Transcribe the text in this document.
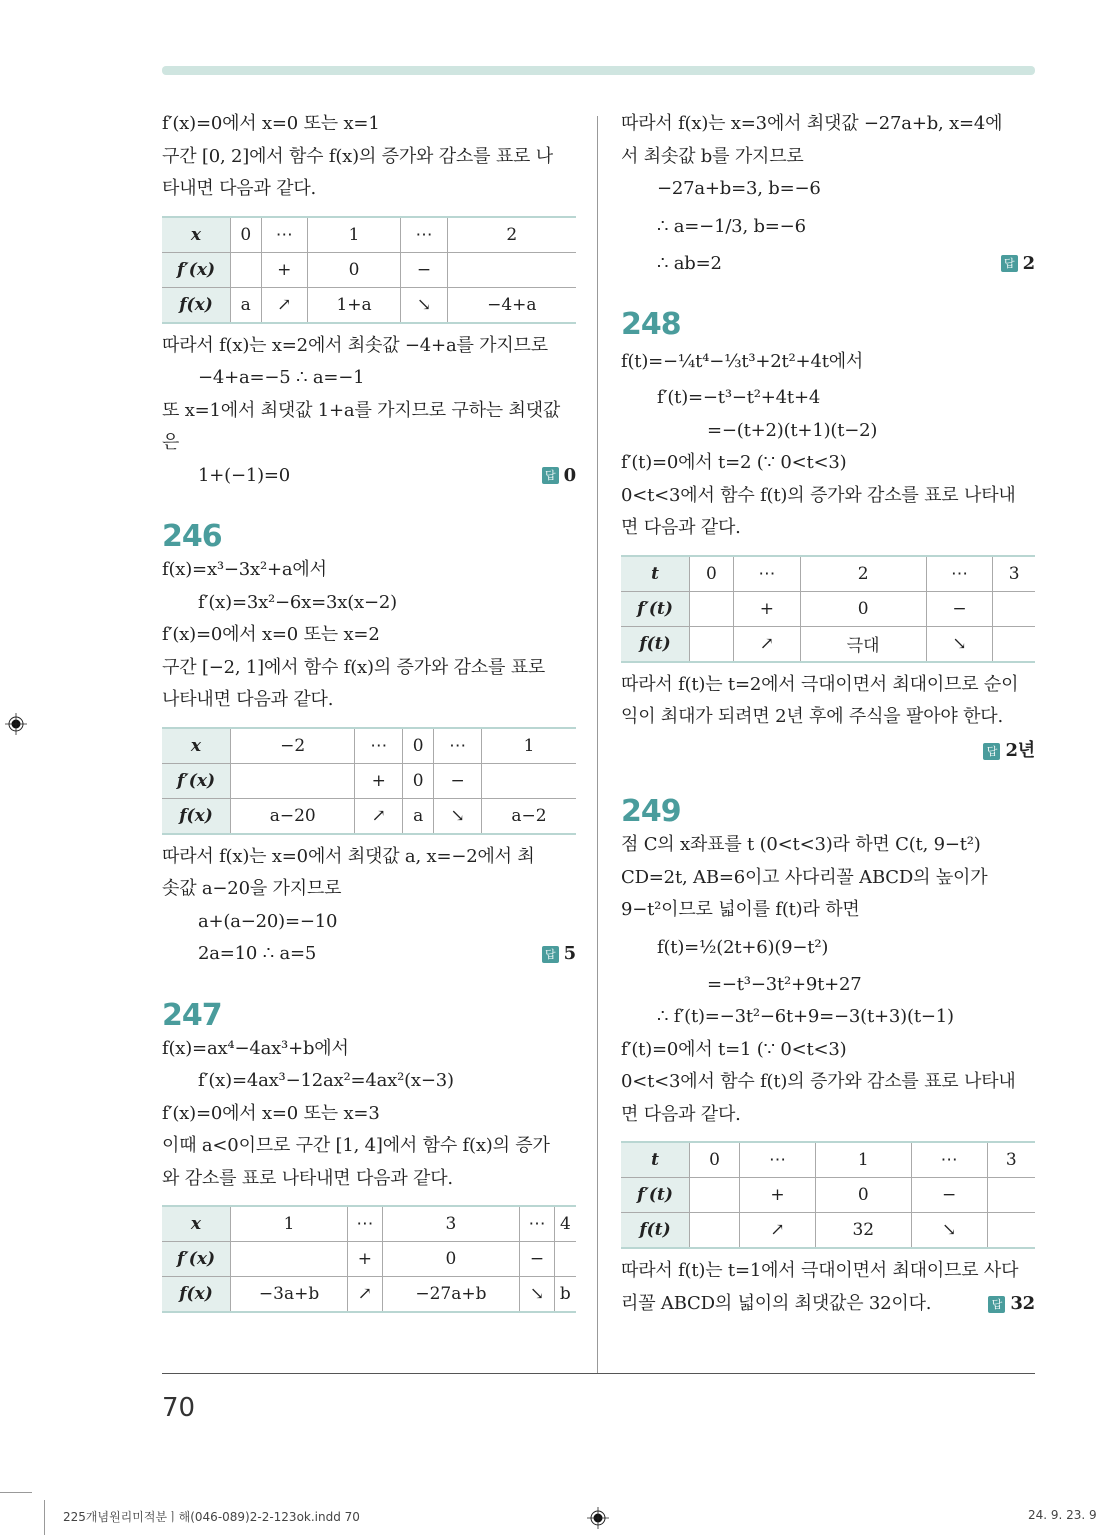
f′(x)=0에서 x=0 또는 x=1
구간 [0, 2]에서 함수 f(x)의 증가와 감소를 표로 나
타내면 다음과 같다.
x	0	⋯	1	⋯	2
f′(x)		+	0	−	
f(x)	a	↗	1+a	↘	−4+a
따라서 f(x)는 x=2에서 최솟값 −4+a를 가지므로
−4+a=−5 ∴ a=−1
또 x=1에서 최댓값 1+a를 가지므로 구하는 최댓값
은
1+(−1)=0	답 0
246
f(x)=x³−3x²+a에서
f′(x)=3x²−6x=3x(x−2)
f′(x)=0에서 x=0 또는 x=2
구간 [−2, 1]에서 함수 f(x)의 증가와 감소를 표로
나타내면 다음과 같다.
x	−2	⋯	0	⋯	1
f′(x)		+	0	−	
f(x)	a−20	↗	a	↘	a−2
따라서 f(x)는 x=0에서 최댓값 a, x=−2에서 최
솟값 a−20을 가지므로
a+(a−20)=−10
2a=10 ∴ a=5	답 5
247
f(x)=ax⁴−4ax³+b에서
f′(x)=4ax³−12ax²=4ax²(x−3)
f′(x)=0에서 x=0 또는 x=3
이때 a<0이므로 구간 [1, 4]에서 함수 f(x)의 증가
와 감소를 표로 나타내면 다음과 같다.
x	1	⋯	3	⋯	4
f′(x)		+	0	−	
f(x)	−3a+b	↗	−27a+b	↘	b
따라서 f(x)는 x=3에서 최댓값 −27a+b, x=4에
서 최솟값 b를 가지므로
−27a+b=3, b=−6
∴ a=−1/3, b=−6
∴ ab=2	답 2
248
f(t)=−¼t⁴−⅓t³+2t²+4t에서
f′(t)=−t³−t²+4t+4
=−(t+2)(t+1)(t−2)
f′(t)=0에서 t=2 (∵ 0<t<3)
0<t<3에서 함수 f(t)의 증가와 감소를 표로 나타내
면 다음과 같다.
t	0	⋯	2	⋯	3
f′(t)		+	0	−	
f(t)		↗	극대	↘	
따라서 f(t)는 t=2에서 극대이면서 최대이므로 순이
익이 최대가 되려면 2년 후에 주식을 팔아야 한다.
답 2년
249
점 C의 x좌표를 t (0<t<3)라 하면 C(t, 9−t²)
CD=2t, AB=6이고 사다리꼴 ABCD의 높이가
9−t²이므로 넓이를 f(t)라 하면
f(t)=½(2t+6)(9−t²)
=−t³−3t²+9t+27
∴ f′(t)=−3t²−6t+9=−3(t+3)(t−1)
f′(t)=0에서 t=1 (∵ 0<t<3)
0<t<3에서 함수 f(t)의 증가와 감소를 표로 나타내
면 다음과 같다.
t	0	⋯	1	⋯	3
f′(t)		+	0	−	
f(t)		↗	32	↘	
따라서 f(t)는 t=1에서 극대이면서 최대이므로 사다
리꼴 ABCD의 넓이의 최댓값은 32이다.	답 32
70
225개념원리미적분ㅣ해(046-089)2-2-123ok.indd 70	24. 9. 23. 9
